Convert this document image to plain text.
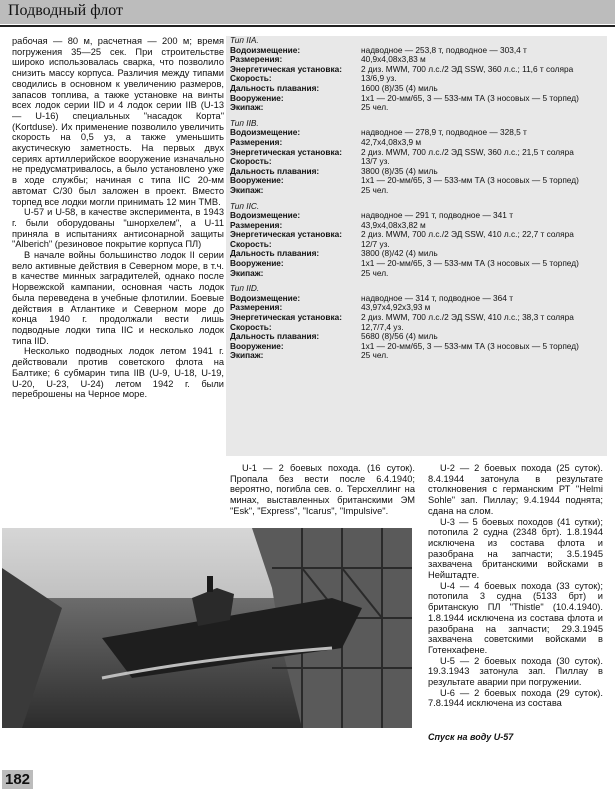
Подводный флот

рабочая — 80 м, расчетная — 200 м; время погружения 35—25 сек. При строительстве широко использовалась сварка, что позволило снизить массу корпуса. Различия между типами сводились в основном к увеличению размеров, запасов топлива, а также установке на винты всех лодок серии IID и 4 лодок серии IIB (U-13 — U-16) специальных "насадок Корта" (Kortduse). Их применение позволило увеличить скорость на 0,5 уз, а также уменьшить акустическую заметность. На первых двух сериях артиллерийское вооружение изначально не предусматривалось, а было установлено уже в ходе службы; начиная с типа IIC 20-мм автомат С/30 был заложен в проект. Вместо торпед все лодки могли принимать 12 мин ТМВ.

U-57 и U-58, в качестве эксперимента, в 1943 г. были оборудованы "шнорхелем", а U-11 приняла в испытаниях антисонарной защиты "Alberich" (резиновое покрытие корпуса ПЛ)

В начале войны большинство лодок II серии вело активные действия в Северном море, в т.ч. в качестве минных заградителей, однако после Норвежской кампании, основная часть лодок была переведена в учебные флотилии. Боевые действия в Атлантике и Северном море до конца 1940 г. продолжали вести лишь подводные лодки типа IIC и несколько лодок типа IID.

Несколько подводных лодок летом 1941 г. действовали против советского флота на Балтике; 6 субмарин типа IIB (U-9, U-18, U-19, U-20, U-23, U-24) летом 1942 г. были переброшены на Черное море.

Тип IIA.
Водоизмещение:	надводное — 253,8 т, подводное — 303,4 т
Размерения:	40,9х4,08х3,83 м
Энергетическая установка:	2 диз. MWM, 700 л.с./2 ЭД SSW, 360 л.с.; 11,6 т солярa
Скорость:	13/6,9 уз.
Дальность плавания:	1600 (8)/35 (4) миль
Вооружение:	1х1 — 20-мм/65, 3 — 533-мм ТА (3 носовых — 5 торпед)
Экипаж:	25 чел.
Тип IIB.
Водоизмещение:	надводное — 278,9 т, подводное — 328,5 т
Размерения:	42,7х4,08х3,9 м
Энергетическая установка:	2 диз. MWM, 700 л.с./2 ЭД SSW, 360 л.с.; 21,5 т солярa
Скорость:	13/7 уз.
Дальность плавания:	3800 (8)/35 (4) миль
Вооружение:	1х1 — 20-мм/65, 3 — 533-мм ТА (3 носовых — 5 торпед)
Экипаж:	25 чел.
Тип IIC.
Водоизмещение:	надводное — 291 т, подводное — 341 т
Размерения:	43,9х4,08х3,82 м
Энергетическая установка:	2 диз. MWM, 700 л.с./2 ЭД SSW, 410 л.с.; 22,7 т солярa
Скорость:	12/7 уз.
Дальность плавания:	3800 (8)/42 (4) миль
Вооружение:	1х1 — 20-мм/65, 3 — 533-мм ТА (3 носовых — 5 торпед)
Экипаж:	25 чел.
Тип IID.
Водоизмещение:	надводное — 314 т, подводное — 364 т
Размерения:	43,97х4,92х3,93 м
Энергетическая установка:	2 диз. MWM, 700 л.с./2 ЭД SSW, 410 л.с.; 38,3 т солярa
Скорость:	12,7/7,4 уз.
Дальность плавания:	5680 (8)/56 (4) миль
Вооружение:	1х1 — 20-мм/65, 3 — 533-мм ТА (3 носовых — 5 торпед)
Экипаж:	25 чел.

U-1 — 2 боевых похода. (16 суток). Пропала без вести после 6.4.1940; вероятно, погибла сев. о. Терсхеллинг на минах, выставленных британскими ЭМ "Esk", "Express", "Icarus", "Impulsive".

U-2 — 2 боевых похода (25 суток). 8.4.1944 затонула в результате столкновения с германским РТ "Helmi Sohle" зап. Пиллау; 9.4.1944 поднята; сдана на слом.

U-3 — 5 боевых походов (41 сутки); потопила 2 судна (2348 брт). 1.8.1944 исключена из состава флота и разобрана на запчасти; 3.5.1945 захвачена британскими войсками в Нейштадте.

U-4 — 4 боевых похода (33 суток); потопила 3 судна (5133 брт) и британскую ПЛ "Thistle" (10.4.1940). 1.8.1944 исключена из состава флота и разобрана на запчасти; 29.3.1945 захвачена советскими войсками в Готенхафене.

U-5 — 2 боевых похода (30 суток). 19.3.1943 затонула зап. Пиллау в результате аварии при погружении.

U-6 — 2 боевых похода (29 суток). 7.8.1944 исключена из состава

Спуск на воду U-57
182
